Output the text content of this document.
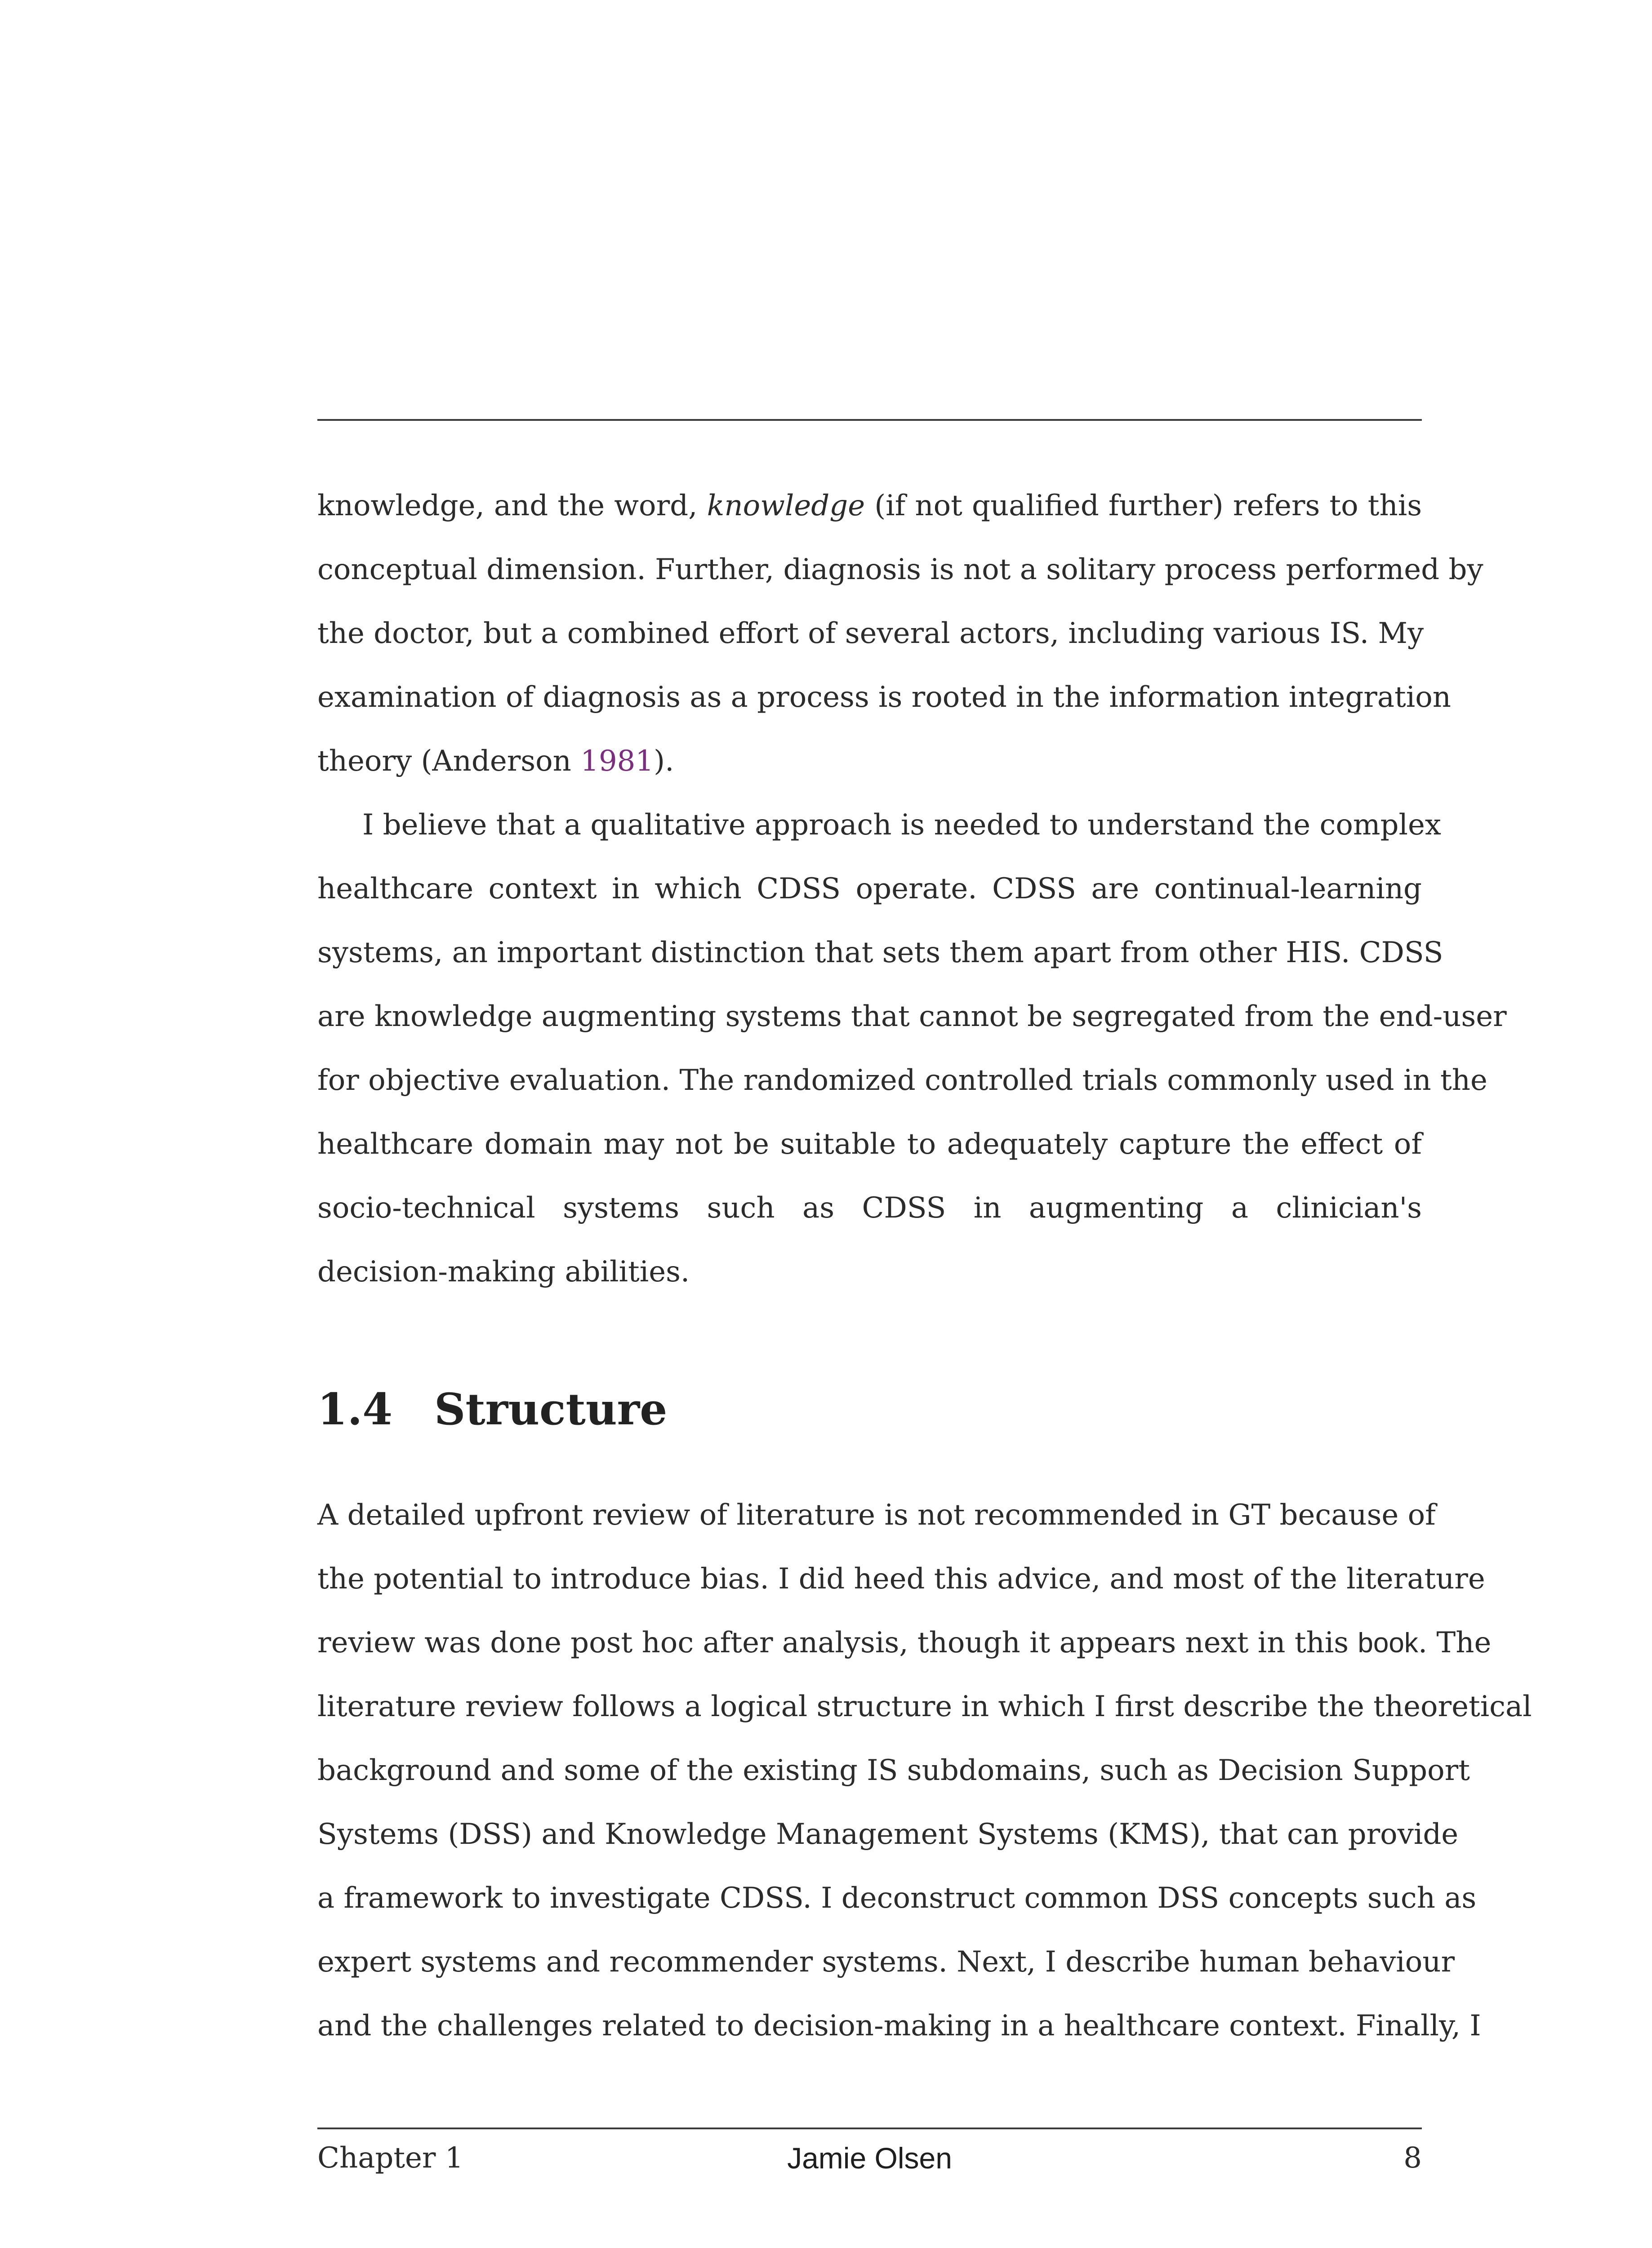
knowledge, and the word, knowledge (if not qualified further) refers to this
conceptual dimension. Further, diagnosis is not a solitary process performed by
the doctor, but a combined effort of several actors, including various IS. My
examination of diagnosis as a process is rooted in the information integration
theory (Anderson 1981).
I believe that a qualitative approach is needed to understand the complex
healthcare context in which CDSS operate. CDSS are continual-learning
systems, an important distinction that sets them apart from other HIS. CDSS
are knowledge augmenting systems that cannot be segregated from the end-user
for objective evaluation. The randomized controlled trials commonly used in the
healthcare domain may not be suitable to adequately capture the effect of
socio-technical systems such as CDSS in augmenting a clinician's
decision-making abilities.
1.4 Structure
A detailed upfront review of literature is not recommended in GT because of
the potential to introduce bias. I did heed this advice, and most of the literature
review was done post hoc after analysis, though it appears next in this book. The
literature review follows a logical structure in which I first describe the theoretical
background and some of the existing IS subdomains, such as Decision Support
Systems (DSS) and Knowledge Management Systems (KMS), that can provide
a framework to investigate CDSS. I deconstruct common DSS concepts such as
expert systems and recommender systems. Next, I describe human behaviour
and the challenges related to decision-making in a healthcare context. Finally, I
Chapter 1	Jamie Olsen	8
